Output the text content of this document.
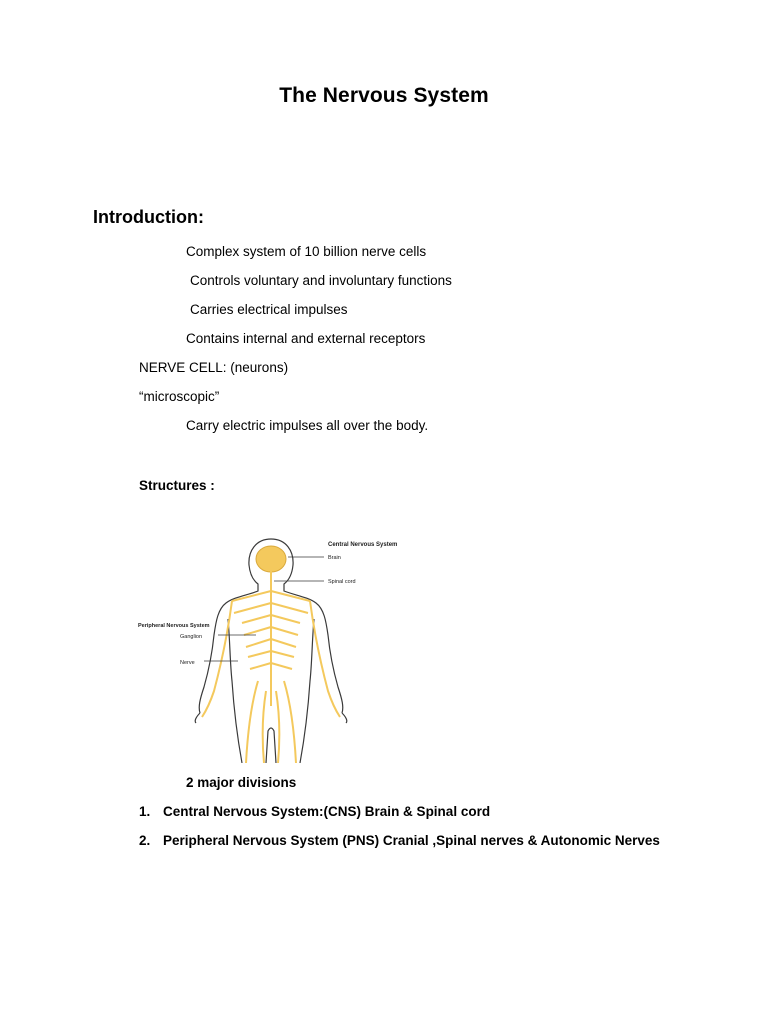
The Nervous System
Introduction:
Complex system of 10 billion nerve cells
Controls voluntary and involuntary functions
Carries electrical impulses
Contains internal and external receptors
NERVE CELL: (neurons)
“microscopic”
Carry electric impulses all over the body.
Structures :
Central Nervous System
Brain
Spinal cord
Peripheral Nervous System
Ganglion
Nerve
2 major divisions
1. Central Nervous System:(CNS) Brain & Spinal cord
2. Peripheral Nervous System (PNS) Cranial ,Spinal nerves & Autonomic Nerves
